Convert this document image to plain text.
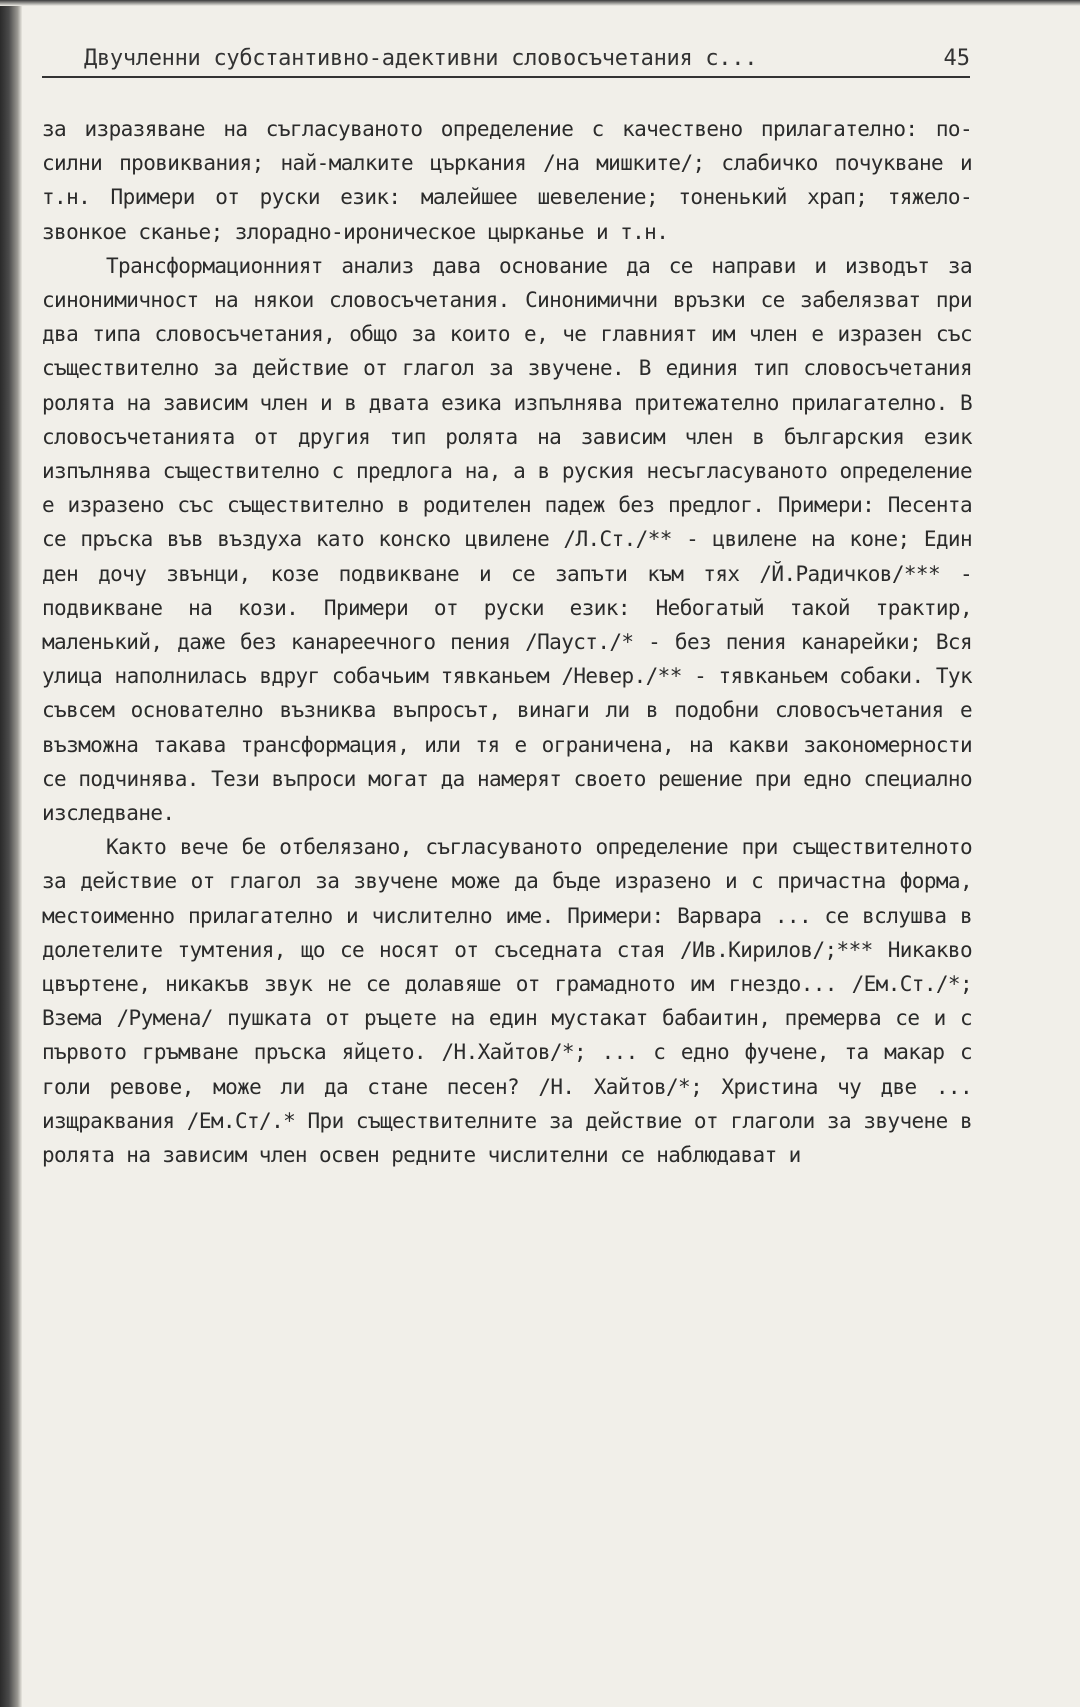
Двучленни субстантивно-адективни словосъчетания с...	45

за изразяване на съгласуваното определение с качествено прилагателно: по-силни провиквания; най-малките църкания /на мишките/; слабичко почукване и т.н. Примери от руски език: малейшее шевеление; тоненький храп; тяжело-звонкое сканье; злорадно-ироническое цырканье и т.н.

Трансформационният анализ дава основание да се направи и изводът за синонимичност на някои словосъчетания. Синонимични връзки се забелязват при два типа словосъчетания, общо за които е, че главният им член е изразен със съществително за действие от глагол за звучене. В единия тип словосъчетания ролята на зависим член и в двата езика изпълнява притежателно прилагателно. В словосъчетанията от другия тип ролята на зависим член в българския език изпълнява съществително с предлога на, а в руския несъгласуваното определение е изразено със съществително в родителен падеж без предлог. Примери: Песента се пръска във въздуха като конско цвилене /Л.Ст./** - цвилене на коне; Един ден дочу звънци, козе подвикване и се запъти към тях /Й.Радичков/*** - подвикване на кози. Примери от руски език: Небогатый такой трактир, маленький, даже без канареечного пения /Пауст./* - без пения канарейки; Вся улица наполнилась вдруг собачьим тявканьем /Невер./** - тявканьем собаки. Тук съвсем основателно възниква въпросът, винаги ли в подобни словосъчетания е възможна такава трансформация, или тя е ограничена, на какви закономерности се подчинява. Тези въпроси могат да намерят своето решение при едно специално изследване.

Както вече бе отбелязано, съгласуваното определение при съществителното за действие от глагол за звучене може да бъде изразено и с причастна форма, местоименно прилагателно и числително име. Примери: Варвара ... се вслушва в долетелите тумтения, що се носят от съседната стая /Ив.Кирилов/;*** Никакво цвъртене, никакъв звук не се долавяше от грамадното им гнездо... /Ем.Ст./*; Взема /Румена/ пушката от ръцете на един мустакат бабаитин, премерва се и с първото гръмване пръска яйцето. /Н.Хайтов/*; ... с едно фучене, та макар с голи ревове, може ли да стане песен? /Н. Хайтов/*; Христина чу две ... изщраквания /Ем.Ст/.* При съществителните за действие от глаголи за звучене в ролята на зависим член освен редните числителни се наблюдават и
